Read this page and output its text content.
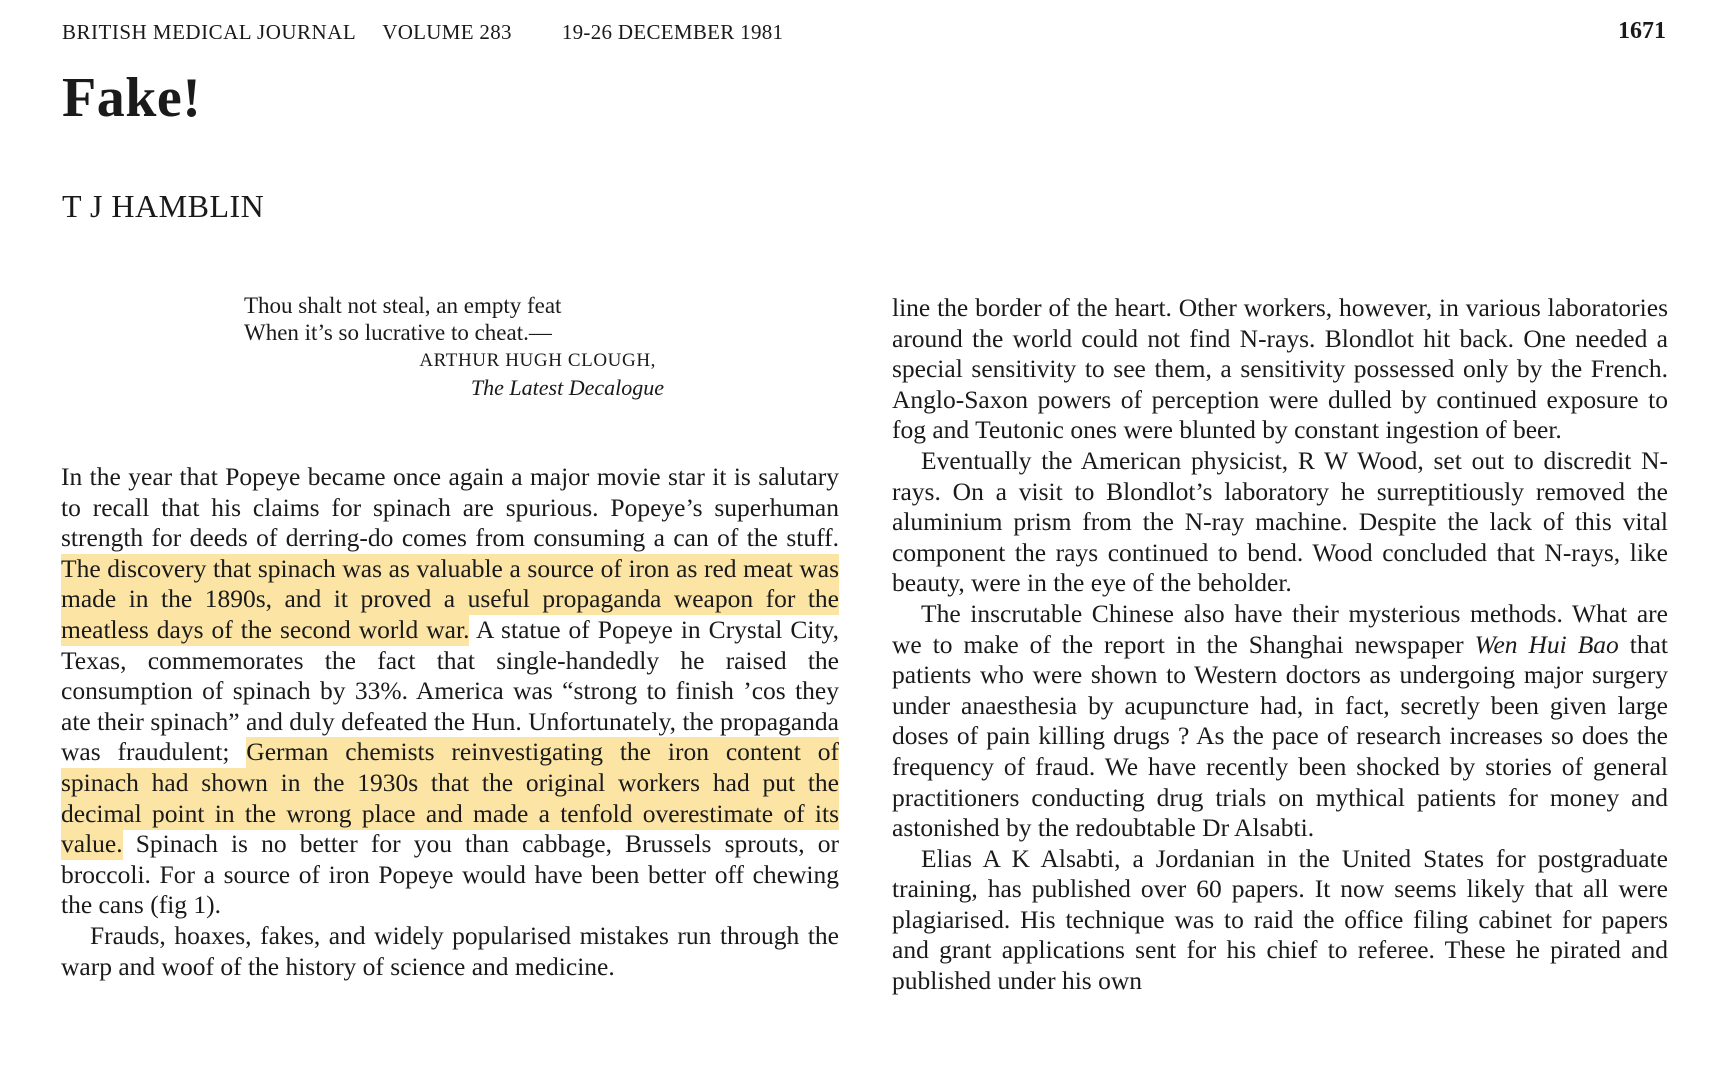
BRITISH MEDICAL JOURNAL VOLUME 283 19-26 DECEMBER 1981	1671
Fake!
T J HAMBLIN
Thou shalt not steal, an empty feat
When it’s so lucrative to cheat.—
ARTHUR HUGH CLOUGH,
The Latest Decalogue

In the year that Popeye became once again a major movie star it is salutary to recall that his claims for spinach are spurious. Popeye’s superhuman strength for deeds of derring-do comes from consuming a can of the stuff. The discovery that spinach was as valuable a source of iron as red meat was made in the 1890s, and it proved a useful propaganda weapon for the meatless days of the second world war. A statue of Popeye in Crystal City, Texas, commemorates the fact that single-handedly he raised the consumption of spinach by 33%. America was “strong to finish ’cos they ate their spinach” and duly defeated the Hun. Unfortunately, the propaganda was fraudulent; German chemists reinvestigating the iron content of spinach had shown in the 1930s that the original workers had put the decimal point in the wrong place and made a tenfold overestimate of its value. Spinach is no better for you than cabbage, Brussels sprouts, or broccoli. For a source of iron Popeye would have been better off chewing the cans (fig 1).

Frauds, hoaxes, fakes, and widely popularised mistakes run through the warp and woof of the history of science and medicine.

line the border of the heart. Other workers, however, in various laboratories around the world could not find N-rays. Blondlot hit back. One needed a special sensitivity to see them, a sensitivity possessed only by the French. Anglo-Saxon powers of perception were dulled by continued exposure to fog and Teutonic ones were blunted by constant ingestion of beer.

Eventually the American physicist, R W Wood, set out to discredit N-rays. On a visit to Blondlot’s laboratory he surreptitiously removed the aluminium prism from the N-ray machine. Despite the lack of this vital component the rays continued to bend. Wood concluded that N-rays, like beauty, were in the eye of the beholder.

The inscrutable Chinese also have their mysterious methods. What are we to make of the report in the Shanghai newspaper Wen Hui Bao that patients who were shown to Western doctors as undergoing major surgery under anaesthesia by acupuncture had, in fact, secretly been given large doses of pain killing drugs ? As the pace of research increases so does the frequency of fraud. We have recently been shocked by stories of general practitioners conducting drug trials on mythical patients for money and astonished by the redoubtable Dr Alsabti.

Elias A K Alsabti, a Jordanian in the United States for postgraduate training, has published over 60 papers. It now seems likely that all were plagiarised. His technique was to raid the office filing cabinet for papers and grant applications sent for his chief to referee. These he pirated and published under his own
